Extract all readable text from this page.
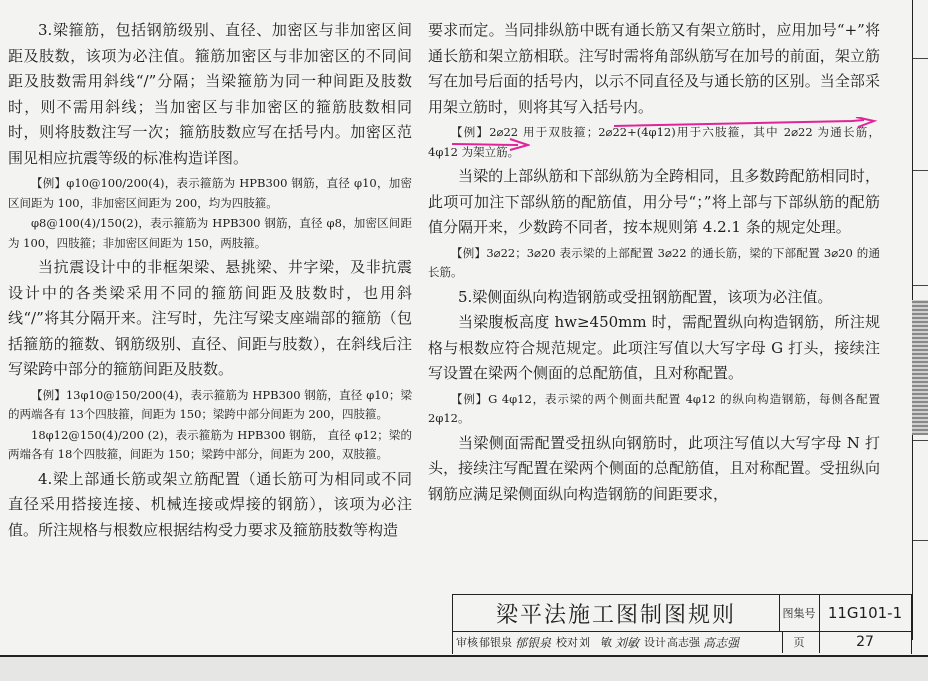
3.梁箍筋，包括钢筋级别、直径、加密区与非加密区间距及肢数，该项为必注值。箍筋加密区与非加密区的不同间距及肢数需用斜线“/”分隔；当梁箍筋为同一种间距及肢数时，则不需用斜线；当加密区与非加密区的箍筋肢数相同时，则将肢数注写一次；箍筋肢数应写在括号内。加密区范围见相应抗震等级的标准构造详图。

【例】φ10@100/200(4)，表示箍筋为 HPB300 钢筋，直径 φ10，加密区间距为 100，非加密区间距为 200，均为四肢箍。

φ8@100(4)/150(2)，表示箍筋为 HPB300 钢筋，直径 φ8，加密区间距为 100，四肢箍；非加密区间距为 150，两肢箍。

当抗震设计中的非框架梁、悬挑梁、井字梁，及非抗震设计中的各类梁采用不同的箍筋间距及肢数时，也用斜线“/”将其分隔开来。注写时，先注写梁支座端部的箍筋（包括箍筋的箍数、钢筋级别、直径、间距与肢数），在斜线后注写梁跨中部分的箍筋间距及肢数。

【例】13φ10@150/200(4)，表示箍筋为 HPB300 钢筋，直径 φ10；梁的两端各有 13个四肢箍，间距为 150；梁跨中部分间距为 200，四肢箍。

18φ12@150(4)/200 (2)，表示箍筋为 HPB300 钢筋， 直径 φ12；梁的两端各有 18个四肢箍，间距为 150；梁跨中部分，间距为 200，双肢箍。

4.梁上部通长筋或架立筋配置（通长筋可为相同或不同直径采用搭接连接、机械连接或焊接的钢筋），该项为必注值。所注规格与根数应根据结构受力要求及箍筋肢数等构造

要求而定。当同排纵筋中既有通长筋又有架立筋时，应用加号“+”将通长筋和架立筋相联。注写时需将角部纵筋写在加号的前面，架立筋写在加号后面的括号内，以示不同直径及与通长筋的区别。当全部采用架立筋时，则将其写入括号内。

【例】2⌀22 用于双肢箍；2⌀22+(4φ12)用于六肢箍，其中 2⌀22 为通长筋，4φ12 为架立筋。

当梁的上部纵筋和下部纵筋为全跨相同，且多数跨配筋相同时，此项可加注下部纵筋的配筋值，用分号“；”将上部与下部纵筋的配筋值分隔开来，少数跨不同者，按本规则第 4.2.1 条的规定处理。

【例】3⌀22；3⌀20 表示梁的上部配置 3⌀22 的通长筋，梁的下部配置 3⌀20 的通长筋。

5.梁侧面纵向构造钢筋或受扭钢筋配置，该项为必注值。

当梁腹板高度 hw≥450mm 时，需配置纵向构造钢筋，所注规格与根数应符合规范规定。此项注写值以大写字母 G 打头，接续注写设置在梁两个侧面的总配筋值，且对称配置。

【例】G 4φ12，表示梁的两个侧面共配置 4φ12 的纵向构造钢筋，每侧各配置 2φ12。

当梁侧面需配置受扭纵向钢筋时，此项注写值以大写字母 N 打头，接续注写配置在梁两个侧面的总配筋值，且对称配置。受扭纵向钢筋应满足梁侧面纵向构造钢筋的间距要求，

梁平法施工图制图规则	图集号 11G101-1
审核 郁银泉 郁银泉 校对 刘　敏 刘敏 设计 高志强 高志强	页	27
